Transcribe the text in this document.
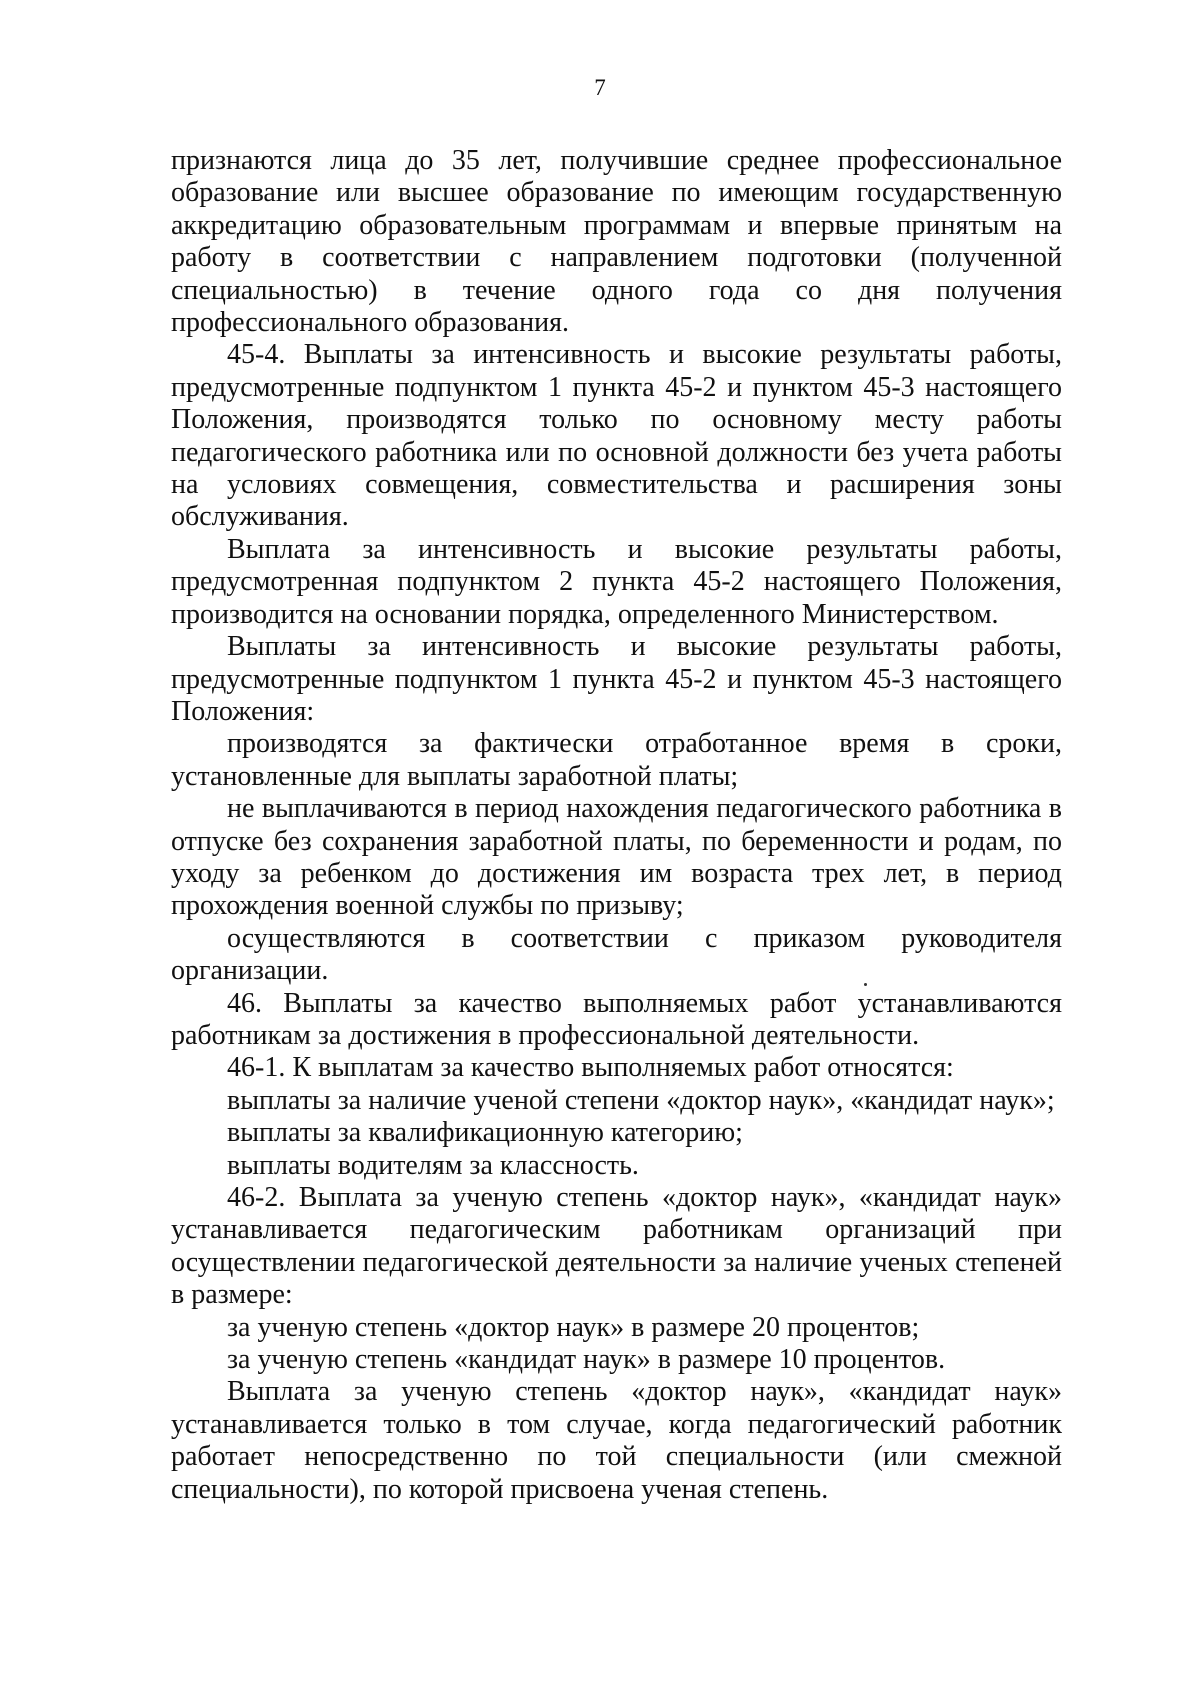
7

признаются лица до 35 лет, получившие среднее профессиональное образование или высшее образование по имеющим государственную аккредитацию образовательным программам и впервые принятым на работу в соответствии с направлением подготовки (полученной специальностью) в течение одного года со дня получения профессионального образования.

45-4. Выплаты за интенсивность и высокие результаты работы, предусмотренные подпунктом 1 пункта 45-2 и пунктом 45-3 настоящего Положения, производятся только по основному месту работы педагогического работника или по основной должности без учета работы на условиях совмещения, совместительства и расширения зоны обслуживания.

Выплата за интенсивность и высокие результаты работы, предусмотренная подпунктом 2 пункта 45-2 настоящего Положения, производится на основании порядка, определенного Министерством.

Выплаты за интенсивность и высокие результаты работы, предусмотренные подпунктом 1 пункта 45-2 и пунктом 45-3 настоящего Положения:

производятся за фактически отработанное время в сроки, установленные для выплаты заработной платы;

не выплачиваются в период нахождения педагогического работника в отпуске без сохранения заработной платы, по беременности и родам, по уходу за ребенком до достижения им возраста трех лет, в период прохождения военной службы по призыву;

осуществляются в соответствии с приказом руководителя организации.

46. Выплаты за качество выполняемых работ устанавливаются работникам за достижения в профессиональной деятельности.

46-1. К выплатам за качество выполняемых работ относятся:

выплаты за наличие ученой степени «доктор наук», «кандидат наук»;

выплаты за квалификационную категорию;

выплаты водителям за классность.

46-2. Выплата за ученую степень «доктор наук», «кандидат наук» устанавливается педагогическим работникам организаций при осуществлении педагогической деятельности за наличие ученых степеней в размере:

за ученую степень «доктор наук» в размере 20 процентов;

за ученую степень «кандидат наук» в размере 10 процентов.

Выплата за ученую степень «доктор наук», «кандидат наук» устанавливается только в том случае, когда педагогический работник работает непосредственно по той специальности (или смежной специальности), по которой присвоена ученая степень.
